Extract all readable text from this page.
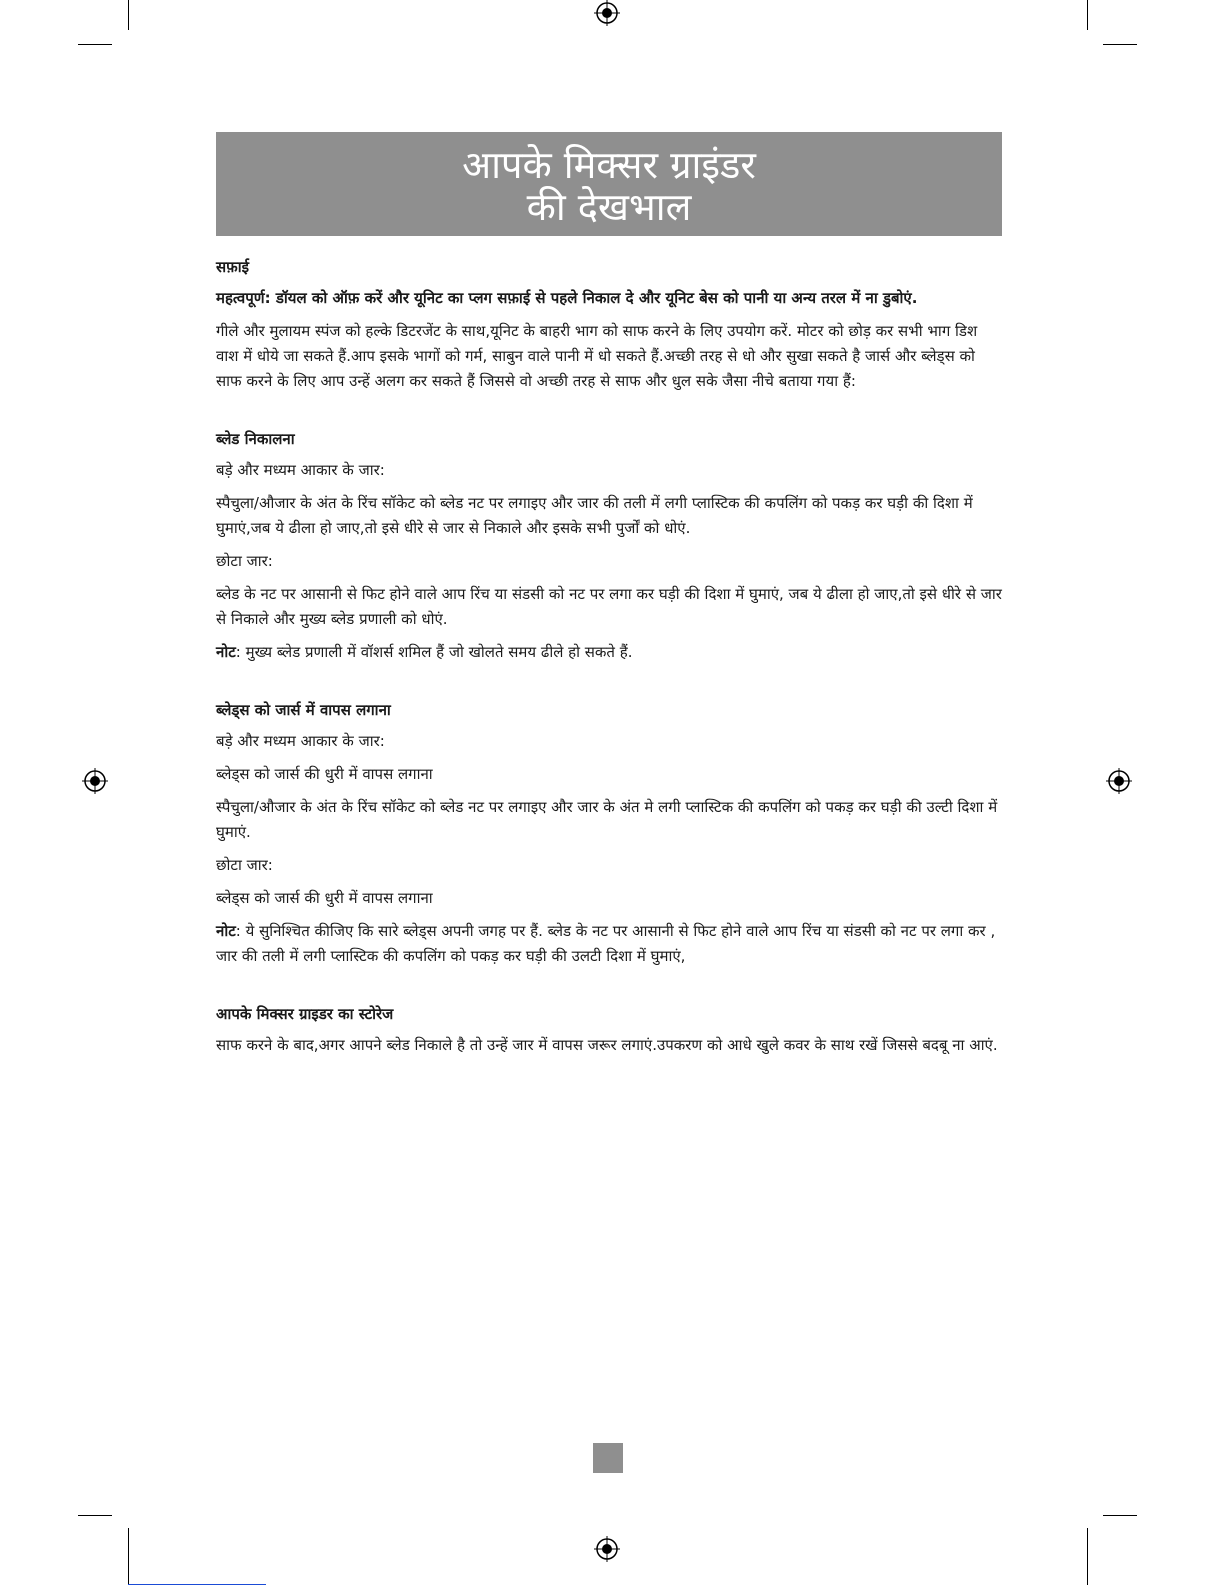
आपके मिक्सर ग्राइंडर
की देखभाल
सफ़ाई

महत्वपूर्ण: डॉयल को ऑफ़ करें और यूनिट का प्लग सफ़ाई से पहले निकाल दे और यूनिट बेस को पानी या अन्य तरल में ना डुबोएं.

गीले और मुलायम स्पंज को हल्के डिटरजेंट के साथ,यूनिट के बाहरी भाग को साफ करने के लिए उपयोग करें. मोटर को छोड़ कर सभी भाग डिश वाश में धोये जा सकते हैं.आप इसके भागों को गर्म, साबुन वाले पानी में धो सकते हैं.अच्छी तरह से धो और सुखा सकते है जार्स और ब्लेड्स को साफ करने के लिए आप उन्हें अलग कर सकते हैं जिससे वो अच्छी तरह से साफ और धुल सके जैसा नीचे बताया गया हैं:

ब्लेड निकालना

बड़े और मध्यम आकार के जार:

स्पैचुला/औजार के अंत के रिंच सॉकेट को ब्लेड नट पर लगाइए और जार की तली में लगी प्लास्टिक की कपलिंग को पकड़ कर घड़ी की दिशा में घुमाएं,जब ये ढीला हो जाए,तो इसे धीरे से जार से निकाले और इसके सभी पुर्जों को धोएं.

छोटा जार:

ब्लेड के नट पर आसानी से फिट होने वाले आप रिंच या संडसी को नट पर लगा कर घड़ी की दिशा में घुमाएं, जब ये ढीला हो जाए,तो इसे धीरे से जार से निकाले और मुख्य ब्लेड प्रणाली को धोएं.

नोट: मुख्य ब्लेड प्रणाली में वॉशर्स शमिल हैं जो खोलते समय ढीले हो सकते हैं.

ब्लेड्स को जार्स में वापस लगाना

बड़े और मध्यम आकार के जार:

ब्लेड्स को जार्स की धुरी में वापस लगाना

स्पैचुला/औजार के अंत के रिंच सॉकेट को ब्लेड नट पर लगाइए और जार के अंत मे लगी प्लास्टिक की कपलिंग को पकड़ कर घड़ी की उल्टी दिशा में घुमाएं.

छोटा जार:

ब्लेड्स को जार्स की धुरी में वापस लगाना

नोट: ये सुनिश्चित कीजिए कि सारे ब्लेड्स अपनी जगह पर हैं. ब्लेड के नट पर आसानी से फिट होने वाले आप रिंच या संडसी को नट पर लगा कर , जार की तली में लगी प्लास्टिक की कपलिंग को पकड़ कर घड़ी की उलटी दिशा में घुमाएं,

आपके मिक्सर ग्राइडर का स्टोरेज

साफ करने के बाद,अगर आपने ब्लेड निकाले है तो उन्हें जार में वापस जरूर लगाएं.उपकरण को आधे खुले कवर के साथ रखें जिससे बदबू ना आएं.
